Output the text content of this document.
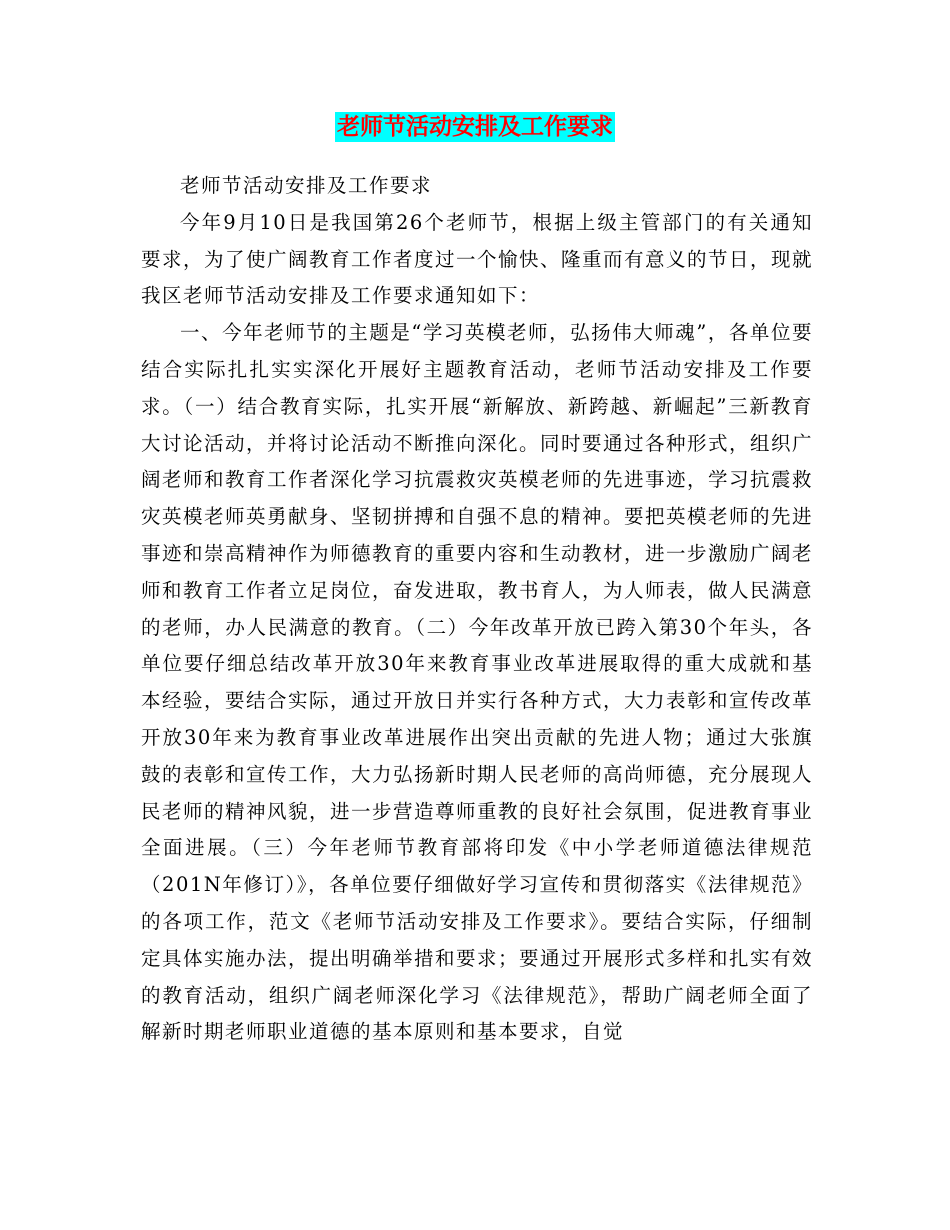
老师节活动安排及工作要求

老师节活动安排及工作要求

今年9月10日是我国第26个老师节，根据上级主管部门的有关通知要求，为了使广阔教育工作者度过一个愉快、隆重而有意义的节日，现就我区老师节活动安排及工作要求通知如下：

一、今年老师节的主题是“学习英模老师，弘扬伟大师魂”，各单位要结合实际扎扎实实深化开展好主题教育活动，老师节活动安排及工作要求。（一）结合教育实际，扎实开展“新解放、新跨越、新崛起”三新教育大讨论活动，并将讨论活动不断推向深化。同时要通过各种形式，组织广阔老师和教育工作者深化学习抗震救灾英模老师的先进事迹，学习抗震救灾英模老师英勇献身、坚韧拼搏和自强不息的精神。要把英模老师的先进事迹和崇高精神作为师德教育的重要内容和生动教材，进一步激励广阔老师和教育工作者立足岗位，奋发进取，教书育人，为人师表，做人民满意的老师，办人民满意的教育。（二）今年改革开放已跨入第30个年头，各单位要仔细总结改革开放30年来教育事业改革进展取得的重大成就和基本经验，要结合实际，通过开放日并实行各种方式，大力表彰和宣传改革开放30年来为教育事业改革进展作出突出贡献的先进人物；通过大张旗鼓的表彰和宣传工作，大力弘扬新时期人民老师的高尚师德，充分展现人民老师的精神风貌，进一步营造尊师重教的良好社会氛围，促进教育事业全面进展。（三）今年老师节教育部将印发《中小学老师道德法律规范（201N年修订）》，各单位要仔细做好学习宣传和贯彻落实《法律规范》的各项工作，范文《老师节活动安排及工作要求》。要结合实际，仔细制定具体实施办法，提出明确举措和要求；要通过开展形式多样和扎实有效的教育活动，组织广阔老师深化学习《法律规范》，帮助广阔老师全面了解新时期老师职业道德的基本原则和基本要求，自觉
